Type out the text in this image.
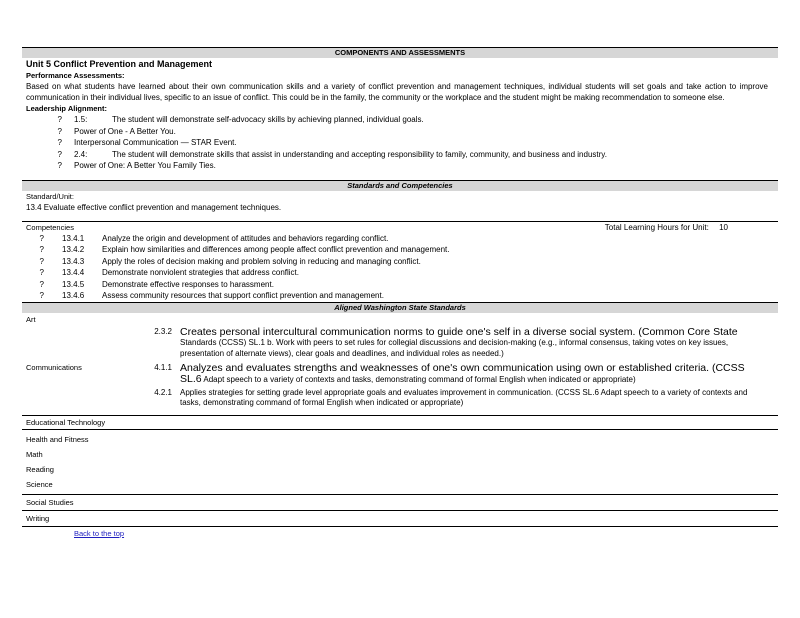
COMPONENTS AND ASSESSMENTS
Unit 5 Conflict Prevention and Management
Performance Assessments:
Based on what students have learned about their own communication skills and a variety of conflict prevention and management techniques, individual students will set goals and take action to improve communication in their individual lives, specific to an issue of conflict. This could be in the family, the community or the workplace and the student might be making recommendation to someone else.
Leadership Alignment:
?	1.5:	The student will demonstrate self-advocacy skills by achieving planned, individual goals.
?	Power of One - A Better You.
?	Interpersonal Communication — STAR Event.
?	2.4:	The student will demonstrate skills that assist in understanding and accepting responsibility to family, community, and business and industry.
?	Power of One: A Better You Family Ties.
Standards and Competencies
Standard/Unit:
13.4 Evaluate effective conflict prevention and management techniques.
Competencies	Total Learning Hours for Unit: 10
?	13.4.1	Analyze the origin and development of attitudes and behaviors regarding conflict.
?	13.4.2	Explain how similarities and differences among people affect conflict prevention and management.
?	13.4.3	Apply the roles of decision making and problem solving in reducing and managing conflict.
?	13.4.4	Demonstrate nonviolent strategies that address conflict.
?	13.4.5	Demonstrate effective responses to harassment.
?	13.4.6	Assess community resources that support conflict prevention and management.
Aligned Washington State Standards
Art
Communications
2.3.2 Creates personal intercultural communication norms to guide one's self in a diverse social system. (Common Core State Standards (CCSS) SL.1 b. Work with peers to set rules for collegial discussions and decision-making (e.g., informal consensus, taking votes on key issues, presentation of alternate views), clear goals and deadlines, and individual roles as needed.)
4.1.1 Analyzes and evaluates strengths and weaknesses of one's own communication using own or established criteria. (CCSS SL.6 Adapt speech to a variety of contexts and tasks, demonstrating command of formal English when indicated or appropriate)
4.2.1	Applies strategies for setting grade level appropriate goals and evaluates improvement in communication. (CCSS SL.6 Adapt speech to a variety of contexts and tasks, demonstrating command of formal English when indicated or appropriate)
Educational Technology
Health and Fitness
Math
Reading
Science
Social Studies
Writing
Back to the top
